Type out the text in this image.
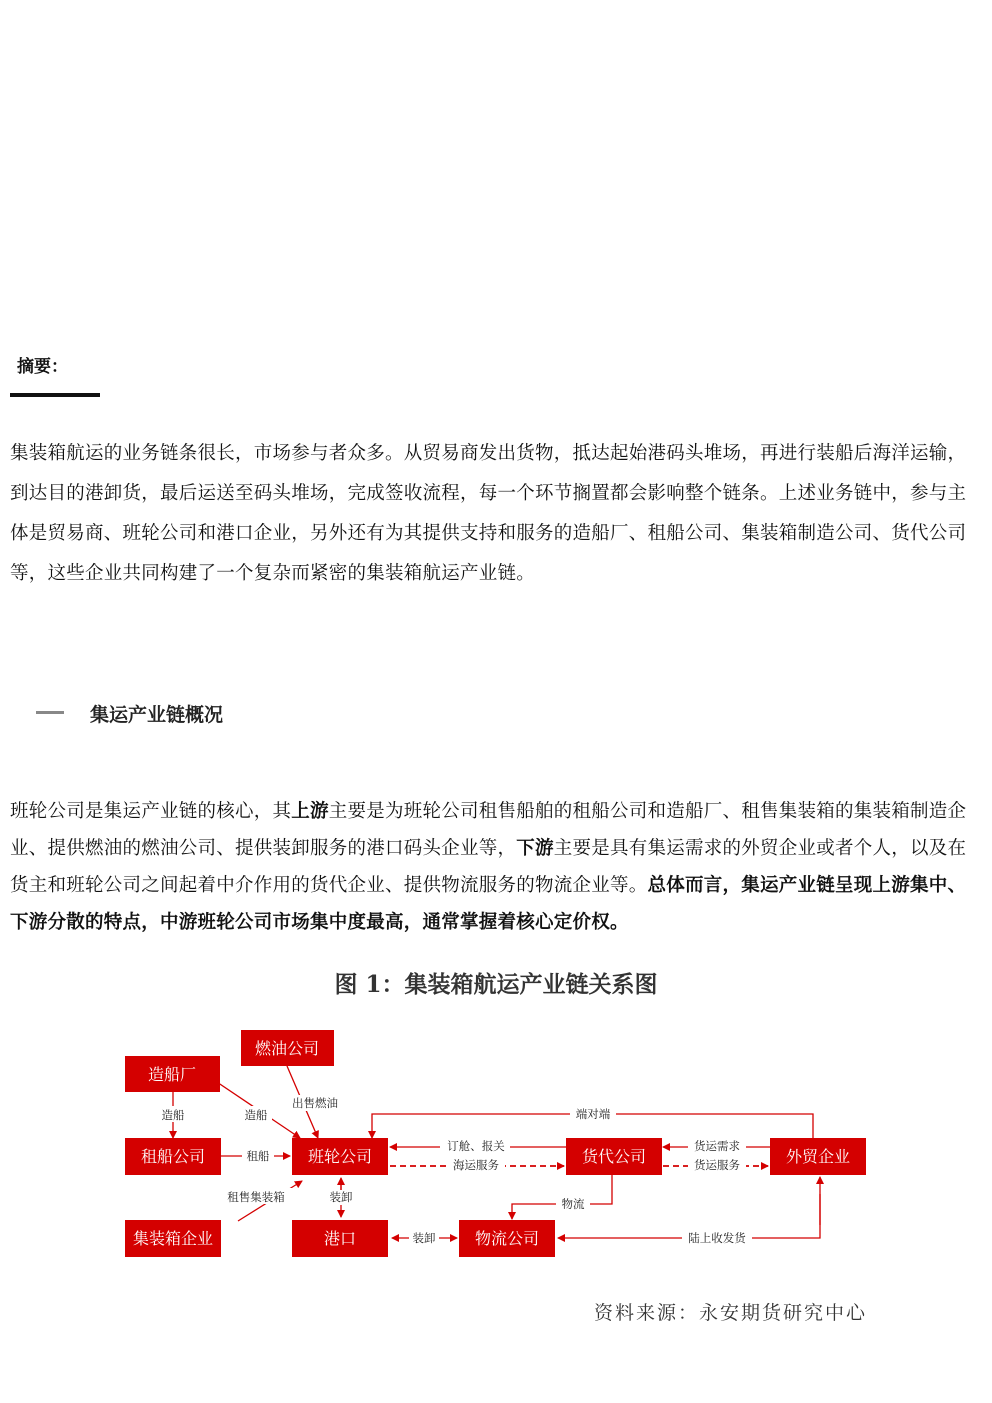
摘要：
集装箱航运的业务链条很长，市场参与者众多。从贸易商发出货物，抵达起始港码头堆场，再进行装船后海洋运输，到达目的港卸货，最后运送至码头堆场，完成签收流程，每一个环节搁置都会影响整个链条。上述业务链中，参与主体是贸易商、班轮公司和港口企业，另外还有为其提供支持和服务的造船厂、租船公司、集装箱制造公司、货代公司等，这些企业共同构建了一个复杂而紧密的集装箱航运产业链。
集运产业链概况
班轮公司是集运产业链的核心，其上游主要是为班轮公司租售船舶的租船公司和造船厂、租售集装箱的集装箱制造企业、提供燃油的燃油公司、提供装卸服务的港口码头企业等，下游主要是具有集运需求的外贸企业或者个人，以及在货主和班轮公司之间起着中介作用的货代企业、提供物流服务的物流企业等。总体而言，集运产业链呈现上游集中、下游分散的特点，中游班轮公司市场集中度最高，通常掌握着核心定价权。
图 1：集装箱航运产业链关系图
造船	造船
出售燃油
端对端
租船
订舱、报关
海运服务
货运需求
货运服务
租售集装箱	装卸	物流
装卸	陆上收发货
燃油公司
造船厂
租船公司	班轮公司	货代公司	外贸企业
集装箱企业	港口	物流公司
资料来源：永安期货研究中心
